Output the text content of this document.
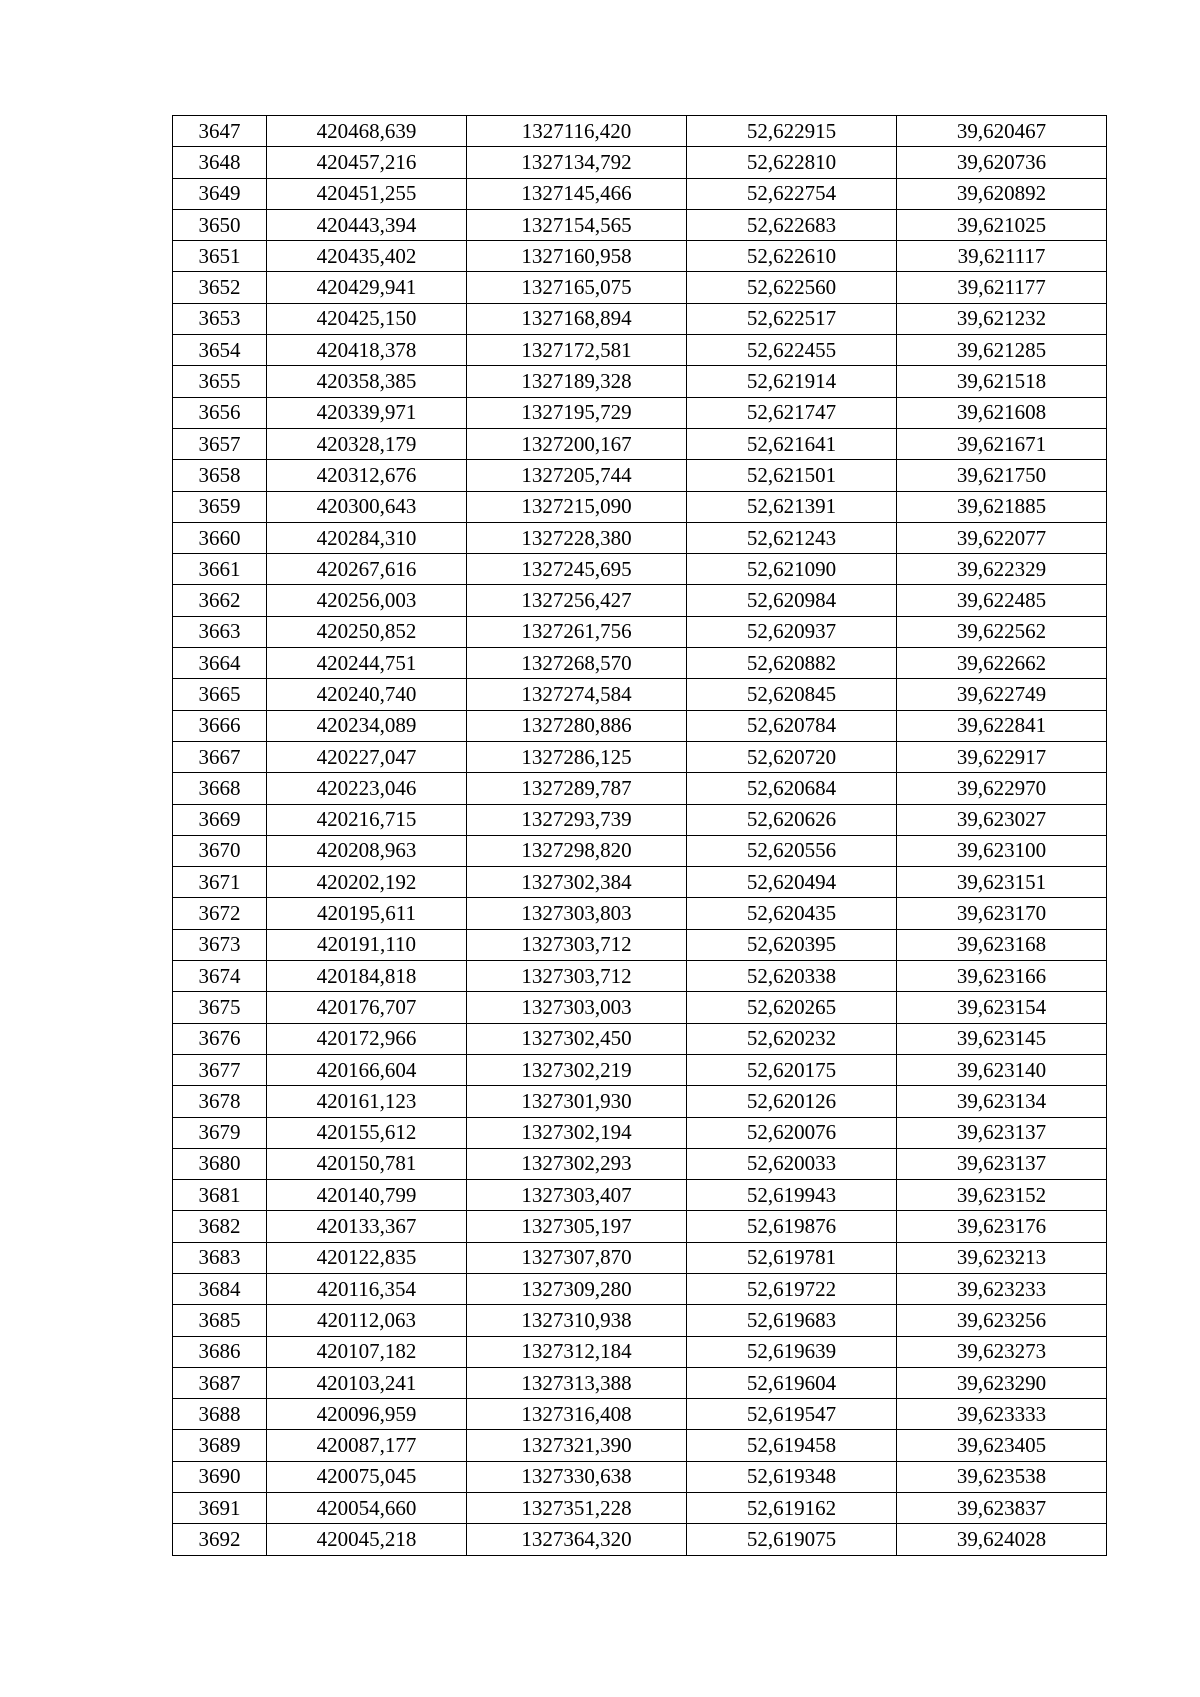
3647	420468,639	1327116,420	52,622915	39,620467
3648	420457,216	1327134,792	52,622810	39,620736
3649	420451,255	1327145,466	52,622754	39,620892
3650	420443,394	1327154,565	52,622683	39,621025
3651	420435,402	1327160,958	52,622610	39,621117
3652	420429,941	1327165,075	52,622560	39,621177
3653	420425,150	1327168,894	52,622517	39,621232
3654	420418,378	1327172,581	52,622455	39,621285
3655	420358,385	1327189,328	52,621914	39,621518
3656	420339,971	1327195,729	52,621747	39,621608
3657	420328,179	1327200,167	52,621641	39,621671
3658	420312,676	1327205,744	52,621501	39,621750
3659	420300,643	1327215,090	52,621391	39,621885
3660	420284,310	1327228,380	52,621243	39,622077
3661	420267,616	1327245,695	52,621090	39,622329
3662	420256,003	1327256,427	52,620984	39,622485
3663	420250,852	1327261,756	52,620937	39,622562
3664	420244,751	1327268,570	52,620882	39,622662
3665	420240,740	1327274,584	52,620845	39,622749
3666	420234,089	1327280,886	52,620784	39,622841
3667	420227,047	1327286,125	52,620720	39,622917
3668	420223,046	1327289,787	52,620684	39,622970
3669	420216,715	1327293,739	52,620626	39,623027
3670	420208,963	1327298,820	52,620556	39,623100
3671	420202,192	1327302,384	52,620494	39,623151
3672	420195,611	1327303,803	52,620435	39,623170
3673	420191,110	1327303,712	52,620395	39,623168
3674	420184,818	1327303,712	52,620338	39,623166
3675	420176,707	1327303,003	52,620265	39,623154
3676	420172,966	1327302,450	52,620232	39,623145
3677	420166,604	1327302,219	52,620175	39,623140
3678	420161,123	1327301,930	52,620126	39,623134
3679	420155,612	1327302,194	52,620076	39,623137
3680	420150,781	1327302,293	52,620033	39,623137
3681	420140,799	1327303,407	52,619943	39,623152
3682	420133,367	1327305,197	52,619876	39,623176
3683	420122,835	1327307,870	52,619781	39,623213
3684	420116,354	1327309,280	52,619722	39,623233
3685	420112,063	1327310,938	52,619683	39,623256
3686	420107,182	1327312,184	52,619639	39,623273
3687	420103,241	1327313,388	52,619604	39,623290
3688	420096,959	1327316,408	52,619547	39,623333
3689	420087,177	1327321,390	52,619458	39,623405
3690	420075,045	1327330,638	52,619348	39,623538
3691	420054,660	1327351,228	52,619162	39,623837
3692	420045,218	1327364,320	52,619075	39,624028
